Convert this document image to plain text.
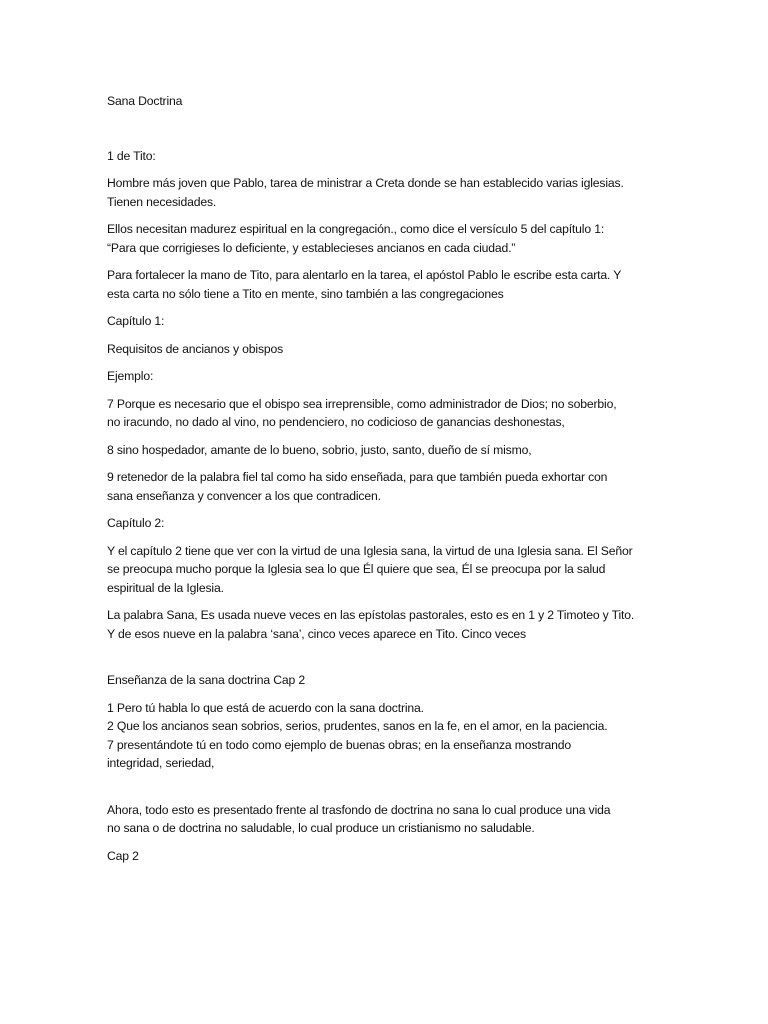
Sana Doctrina

1 de Tito:

Hombre más joven que Pablo, tarea de ministrar a Creta donde se han establecido varias iglesias.
Tienen necesidades.

Ellos necesitan madurez espiritual en la congregación., como dice el versículo 5 del capítulo 1:
“Para que corrigieses lo deficiente, y establecieses ancianos en cada ciudad.”

Para fortalecer la mano de Tito, para alentarlo en la tarea, el apóstol Pablo le escribe esta carta. Y
esta carta no sólo tiene a Tito en mente, sino también a las congregaciones

Capítulo 1:

Requisitos de ancianos y obispos

Ejemplo:

7 Porque es necesario que el obispo sea irreprensible, como administrador de Dios; no soberbio,
no iracundo, no dado al vino, no pendenciero, no codicioso de ganancias deshonestas,

8 sino hospedador, amante de lo bueno, sobrio, justo, santo, dueño de sí mismo,

9 retenedor de la palabra fiel tal como ha sido enseñada, para que también pueda exhortar con
sana enseñanza y convencer a los que contradicen.

Capítulo 2:

Y el capítulo 2 tiene que ver con la virtud de una Iglesia sana, la virtud de una Iglesia sana. El Señor
se preocupa mucho porque la Iglesia sea lo que Él quiere que sea, Él se preocupa por la salud
espiritual de la Iglesia.

La palabra Sana, Es usada nueve veces en las epístolas pastorales, esto es en 1 y 2 Timoteo y Tito.
Y de esos nueve en la palabra ‘sana’, cinco veces aparece en Tito. Cinco veces

Enseñanza de la sana doctrina Cap 2

1 Pero tú habla lo que está de acuerdo con la sana doctrina.
2 Que los ancianos sean sobrios, serios, prudentes, sanos en la fe, en el amor, en la paciencia.
7 presentándote tú en todo como ejemplo de buenas obras; en la enseñanza mostrando
integridad, seriedad,

Ahora, todo esto es presentado frente al trasfondo de doctrina no sana lo cual produce una vida
no sana o de doctrina no saludable, lo cual produce un cristianismo no saludable.

Cap 2
